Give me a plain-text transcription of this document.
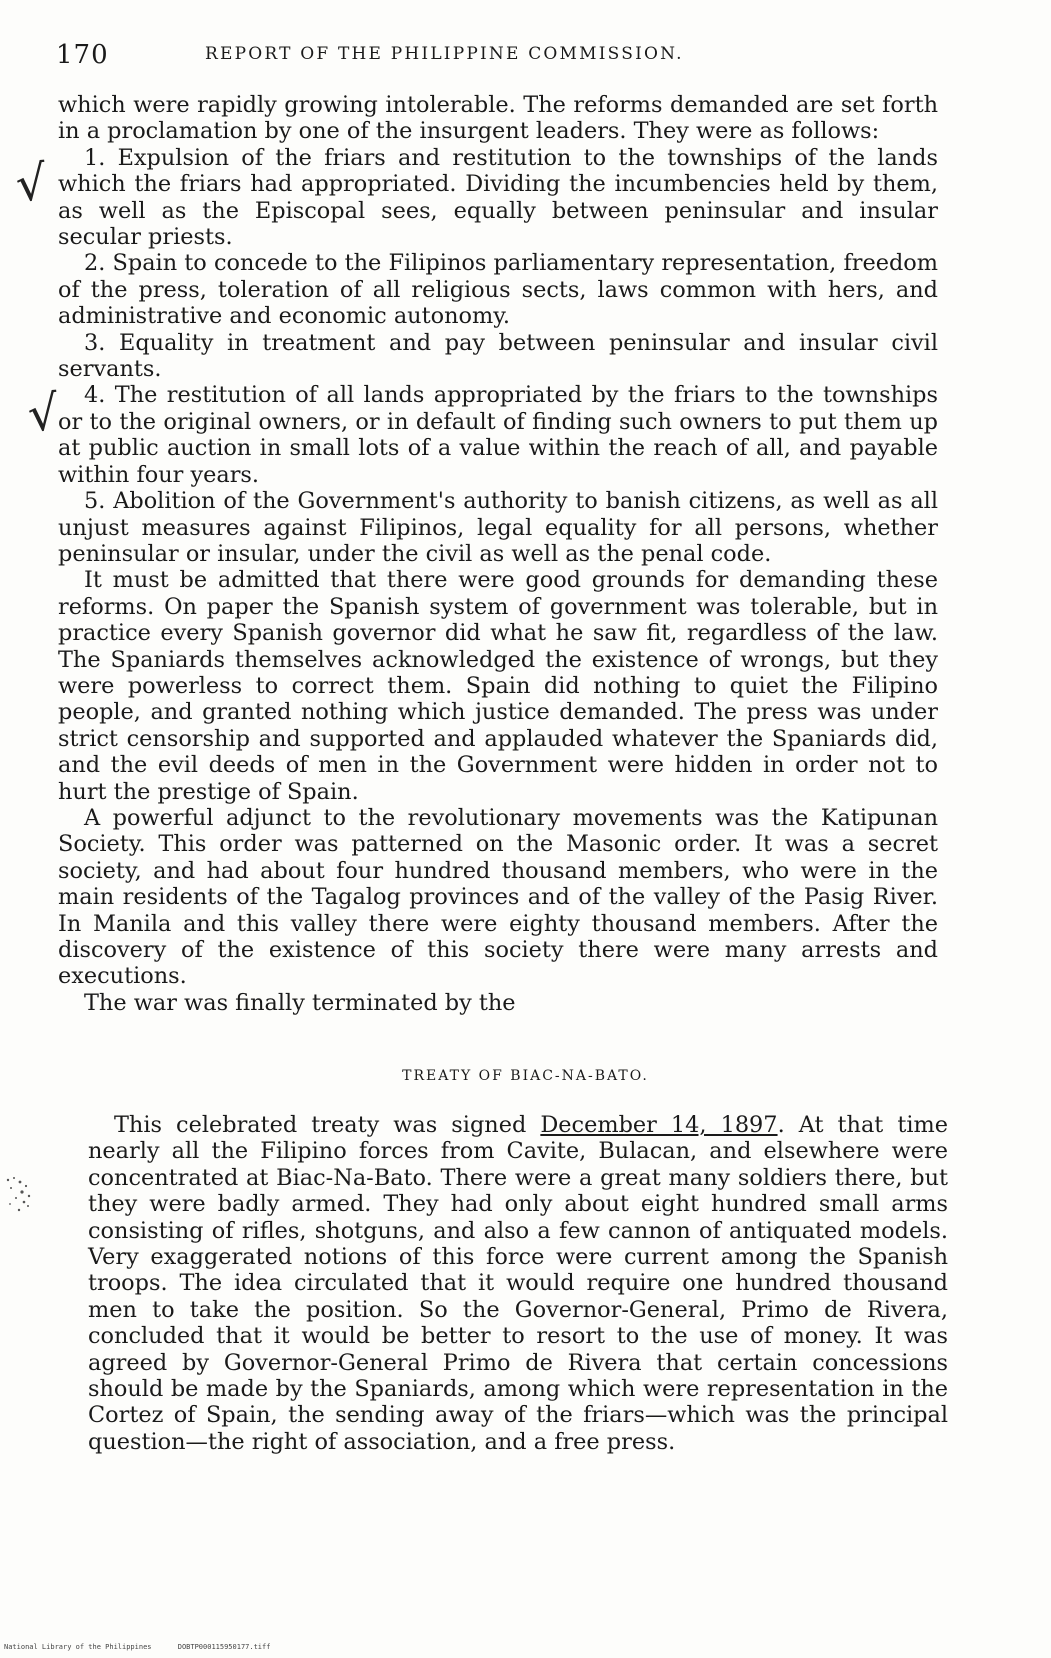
170	REPORT OF THE PHILIPPINE COMMISSION.
√
√

which were rapidly growing intolerable. The reforms demanded are set forth in a proclamation by one of the insurgent leaders. They were as follows:

1. Expulsion of the friars and restitution to the townships of the lands which the friars had appropriated. Dividing the incumbencies held by them, as well as the Episcopal sees, equally between peninsular and insular secular priests.

2. Spain to concede to the Filipinos parliamentary representation, freedom of the press, toleration of all religious sects, laws common with hers, and administrative and economic autonomy.

3. Equality in treatment and pay between peninsular and insular civil servants.

4. The restitution of all lands appropriated by the friars to the townships or to the original owners, or in default of finding such owners to put them up at public auction in small lots of a value within the reach of all, and payable within four years.

5. Abolition of the Government's authority to banish citizens, as well as all unjust measures against Filipinos, legal equality for all persons, whether peninsular or insular, under the civil as well as the penal code.

It must be admitted that there were good grounds for demanding these reforms. On paper the Spanish system of government was tolerable, but in practice every Spanish governor did what he saw fit, regardless of the law. The Spaniards themselves acknowledged the existence of wrongs, but they were powerless to correct them. Spain did nothing to quiet the Filipino people, and granted nothing which justice demanded. The press was under strict censorship and supported and applauded whatever the Spaniards did, and the evil deeds of men in the Government were hidden in order not to hurt the prestige of Spain.

A powerful adjunct to the revolutionary movements was the Katipunan Society. This order was patterned on the Masonic order. It was a secret society, and had about four hundred thousand members, who were in the main residents of the Tagalog provinces and of the valley of the Pasig River. In Manila and this valley there were eighty thousand members. After the discovery of the existence of this society there were many arrests and executions.

The war was finally terminated by the

TREATY OF BIAC-NA-BATO.

This celebrated treaty was signed December 14, 1897. At that time nearly all the Filipino forces from Cavite, Bulacan, and elsewhere were concentrated at Biac-Na-Bato. There were a great many soldiers there, but they were badly armed. They had only about eight hundred small arms consisting of rifles, shotguns, and also a few cannon of antiquated models. Very exaggerated notions of this force were current among the Spanish troops. The idea circulated that it would require one hundred thousand men to take the position. So the Governor-General, Primo de Rivera, concluded that it would be better to resort to the use of money. It was agreed by Governor-General Primo de Rivera that certain concessions should be made by the Spaniards, among which were representation in the Cortez of Spain, the sending away of the friars—which was the principal question—the right of association, and a free press.

National Library of the Philippines	DOBTP000115950177.tiff
